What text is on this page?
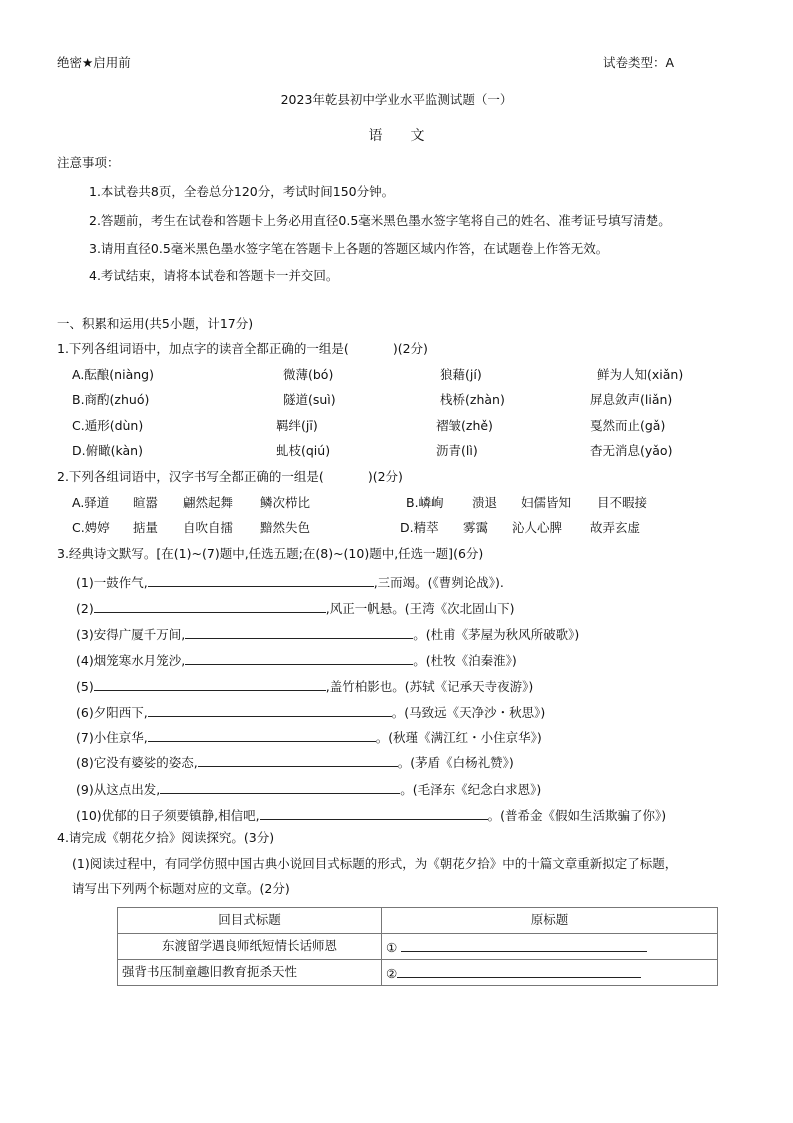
绝密★启用前	试卷类型：A
2023年乾县初中学业水平监测试题（一）
语　　文
注意事项：
1.本试卷共8页，全卷总分120分，考试时间150分钟。
2.答题前，考生在试卷和答题卡上务必用直径0.5毫米黑色墨水签字笔将自己的姓名、准考证号填写清楚。
3.请用直径0.5毫米黑色墨水签字笔在答题卡上各题的答题区域内作答，在试题卷上作答无效。
4.考试结束，请将本试卷和答题卡一并交回。
一、积累和运用(共5小题，计17分)
1.下列各组词语中，加点字的读音全都正确的一组是(	)(2分)
A.酝酿(niàng)	微薄(bó)	狼藉(jí)	鲜为人知(xiǎn)
B.商酌(zhuó)	隧道(suì)	栈桥(zhàn)	屏息敛声(liǎn)
C.遁形(dùn)	羁绊(jī)	褶皱(zhě)	戛然而止(gǎ)
D.俯瞰(kàn)	虬枝(qiú)	沥青(lì)	杳无消息(yǎo)
2.下列各组词语中，汉字书写全都正确的一组是(	)(2分)
A.驿道 暄嚣 翩然起舞 鳞次栉比	B.嶙峋 溃退 妇儒皆知 目不暇接
C.娉婷 掂量 自吹自擂 黯然失色	D.精萃 雾霭 沁人心脾 故弄玄虚
3.经典诗文默写。[在(1)~(7)题中,任选五题;在(8)~(10)题中,任选一题](6分)
(1)一鼓作气,	,三而竭。(《曹刿论战》).
(2)	,风正一帆悬。(王湾《次北固山下)
(3)安得广厦千万间,	。(杜甫《茅屋为秋风所破歌》)
(4)烟笼寒水月笼沙,	。(杜牧《泊秦淮》)
(5)	,盖竹柏影也。(苏轼《记承天寺夜游》)
(6)夕阳西下,	。(马致远《天净沙・秋思》)
(7)小住京华,	。(秋瑾《满江红・小住京华》)
(8)它没有婆娑的姿态,	。(茅盾《白杨礼赞》)
(9)从这点出发,	。(毛泽东《纪念白求恩》)
(10)优郁的日子须要镇静,相信吧,	。(普希金《假如生活欺骗了你》)
4.请完成《朝花夕拾》阅读探究。(3分)
(1)阅读过程中，有同学仿照中国古典小说回目式标题的形式，为《朝花夕拾》中的十篇文章重新拟定了标题，
请写出下列两个标题对应的文章。(2分)
回目式标题	原标题
东渡留学遇良师纸短情长话师恩	①
强背书压制童趣旧教育扼杀天性	②
